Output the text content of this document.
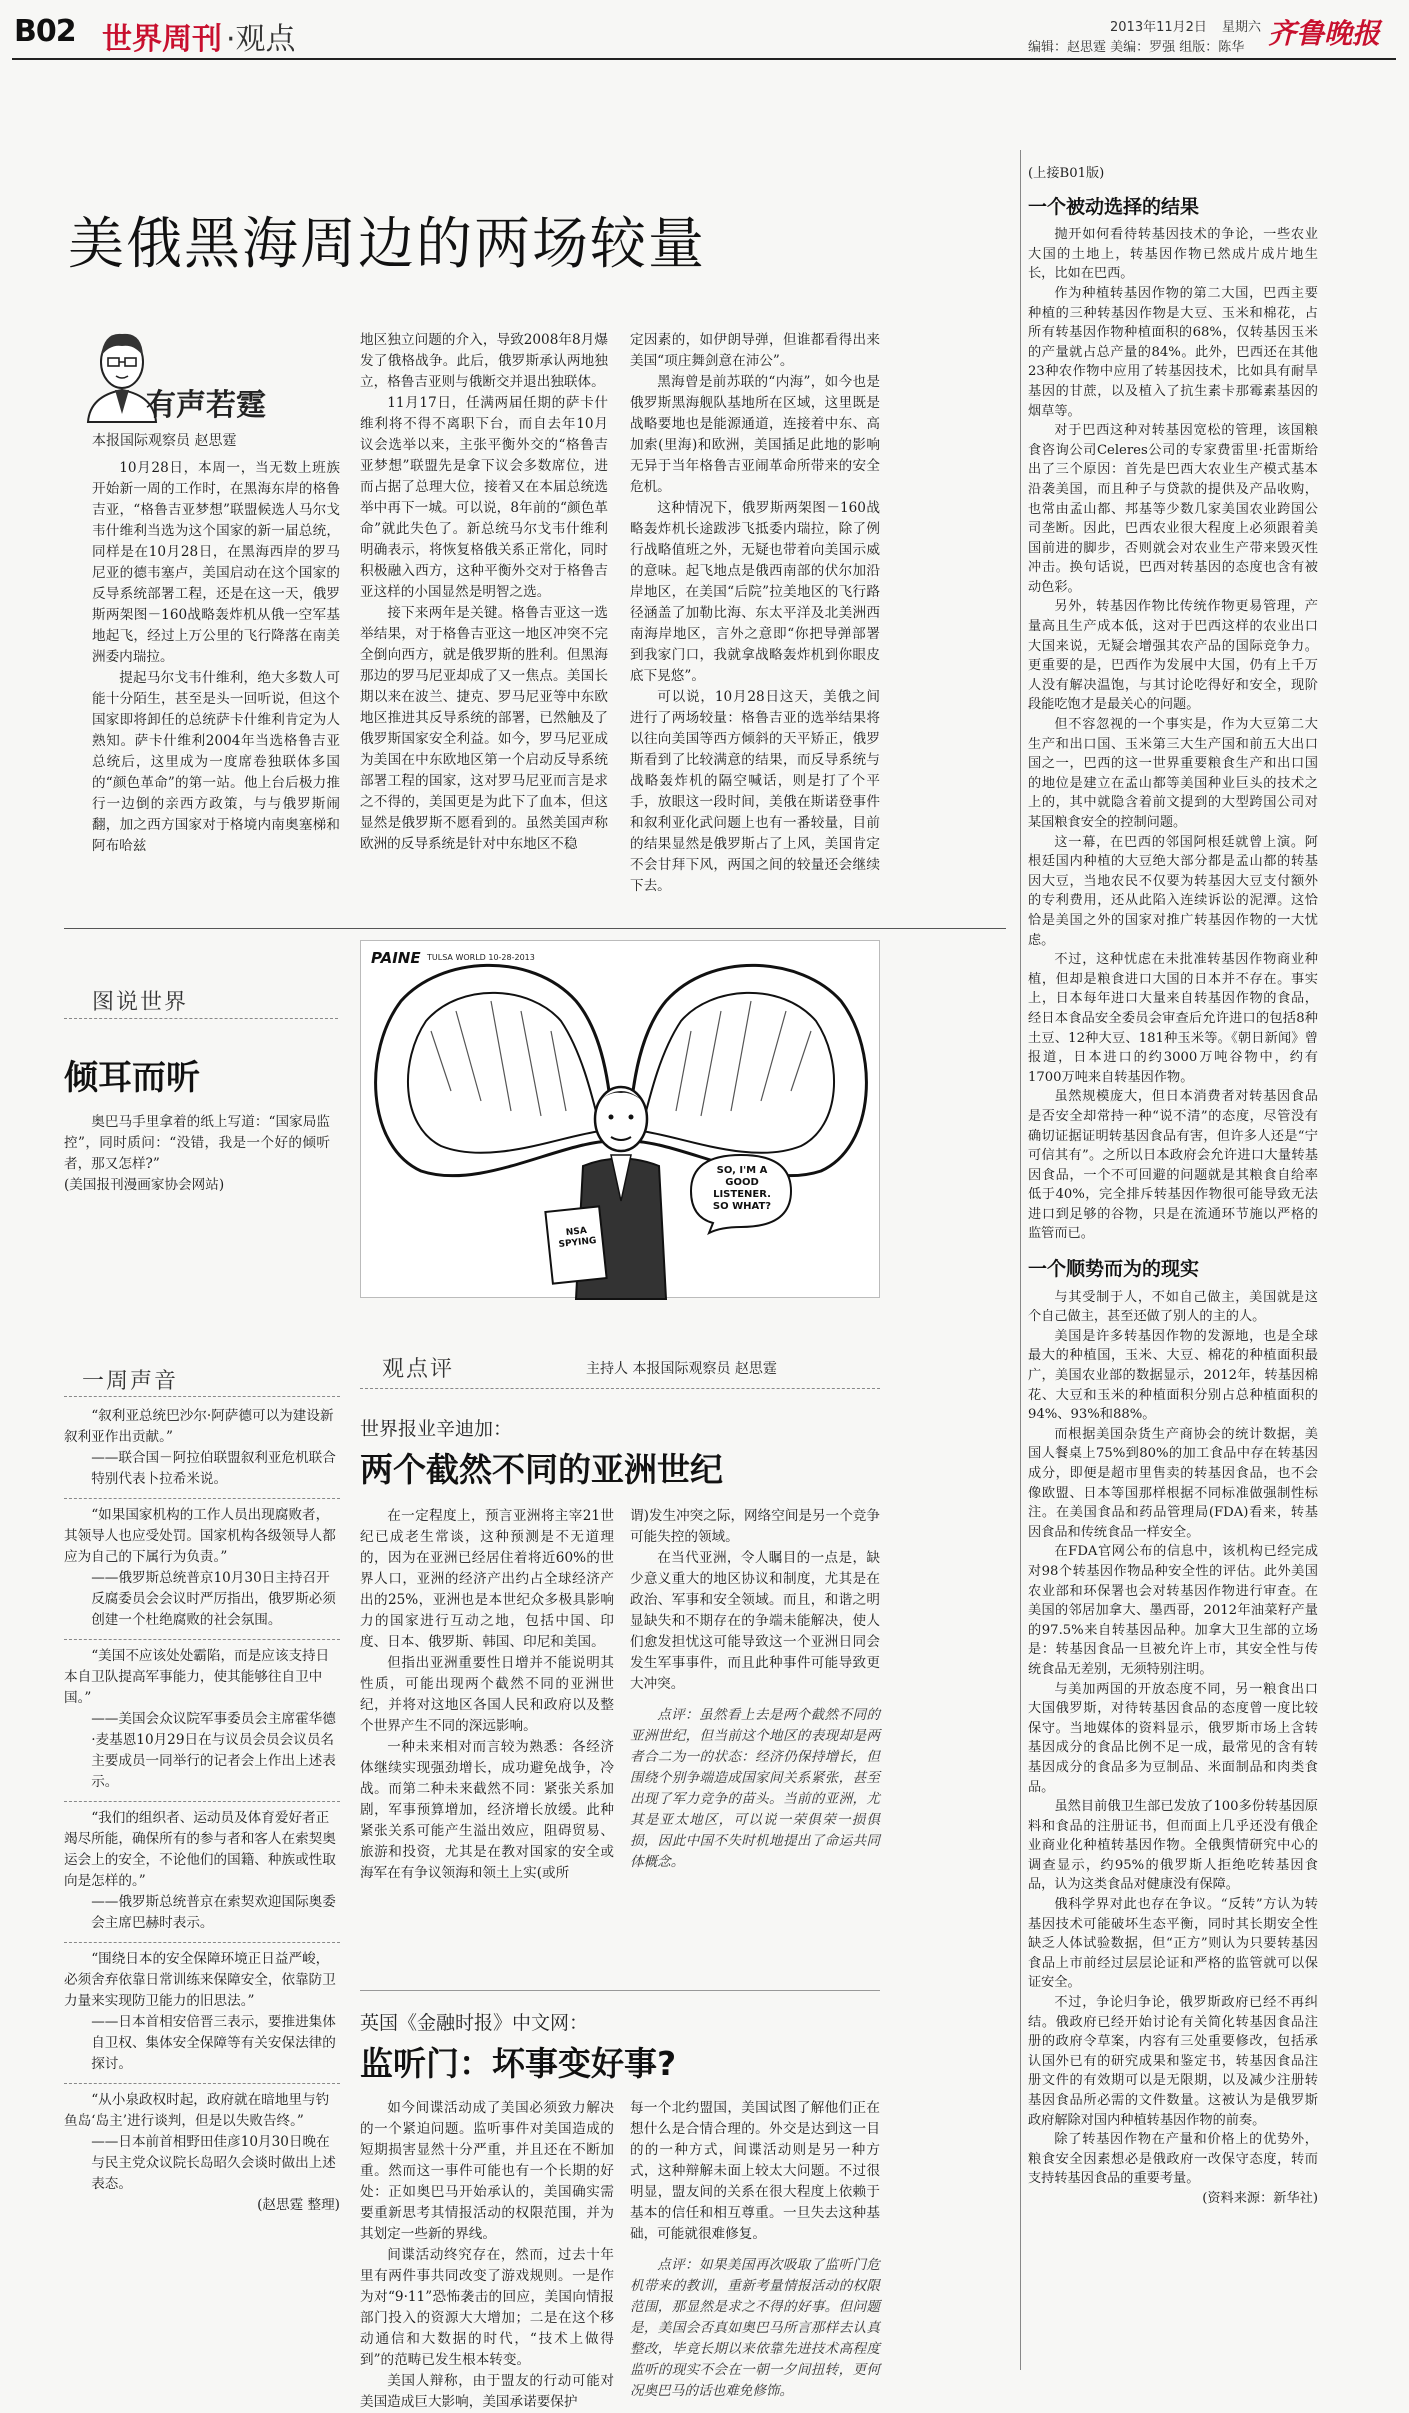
B02 世界周刊 ·观点	2013年11月2日 星期六
编辑：赵思霆 美编：罗强 组版：陈华 齐鲁晚报
美俄黑海周边的两场较量
有声若霆
本报国际观察员 赵思霆

10月28日，本周一，当无数上班族开始新一周的工作时，在黑海东岸的格鲁吉亚，“格鲁吉亚梦想”联盟候选人马尔戈韦什维利当选为这个国家的新一届总统，同样是在10月28日，在黑海西岸的罗马尼亚的德韦塞卢，美国启动在这个国家的反导系统部署工程，还是在这一天，俄罗斯两架图－160战略轰炸机从俄一空军基地起飞，经过上万公里的飞行降落在南美洲委内瑞拉。

提起马尔戈韦什维利，绝大多数人可能十分陌生，甚至是头一回听说，但这个国家即将卸任的总统萨卡什维利肯定为人熟知。萨卡什维利2004年当选格鲁吉亚总统后，这里成为一度席卷独联体多国的“颜色革命”的第一站。他上台后极力推行一边倒的亲西方政策，与与俄罗斯闹翻，加之西方国家对于格境内南奥塞梯和阿布哈兹

地区独立问题的介入，导致2008年8月爆发了俄格战争。此后，俄罗斯承认两地独立，格鲁吉亚则与俄断交并退出独联体。

11月17日，任满两届任期的萨卡什维利将不得不离职下台，而自去年10月议会选举以来，主张平衡外交的“格鲁吉亚梦想”联盟先是拿下议会多数席位，进而占据了总理大位，接着又在本届总统选举中再下一城。可以说，8年前的“颜色革命”就此失色了。新总统马尔戈韦什维利明确表示，将恢复格俄关系正常化，同时积极融入西方，这种平衡外交对于格鲁吉亚这样的小国显然是明智之选。

接下来两年是关键。格鲁吉亚这一选举结果，对于格鲁吉亚这一地区冲突不完全倒向西方，就是俄罗斯的胜利。但黑海那边的罗马尼亚却成了又一焦点。美国长期以来在波兰、捷克、罗马尼亚等中东欧地区推进其反导系统的部署，已然触及了俄罗斯国家安全利益。如今，罗马尼亚成为美国在中东欧地区第一个启动反导系统部署工程的国家，这对罗马尼亚而言是求之不得的，美国更是为此下了血本，但这显然是俄罗斯不愿看到的。虽然美国声称欧洲的反导系统是针对中东地区不稳

定因素的，如伊朗导弹，但谁都看得出来美国“项庄舞剑意在沛公”。

黑海曾是前苏联的“内海”，如今也是俄罗斯黑海舰队基地所在区域，这里既是战略要地也是能源通道，连接着中东、高加索(里海)和欧洲，美国插足此地的影响无异于当年格鲁吉亚闹革命所带来的安全危机。

这种情况下，俄罗斯两架图－160战略轰炸机长途跋涉飞抵委内瑞拉，除了例行战略值班之外，无疑也带着向美国示威的意味。起飞地点是俄西南部的伏尔加沿岸地区，在美国“后院”拉美地区的飞行路径涵盖了加勒比海、东太平洋及北美洲西南海岸地区，言外之意即“你把导弹部署到我家门口，我就拿战略轰炸机到你眼皮底下晃悠”。

可以说，10月28日这天，美俄之间进行了两场较量：格鲁吉亚的选举结果将以往向美国等西方倾斜的天平矫正，俄罗斯看到了比较满意的结果，而反导系统与战略轰炸机的隔空喊话，则是打了个平手，放眼这一段时间，美俄在斯诺登事件和叙利亚化武问题上也有一番较量，目前的结果显然是俄罗斯占了上风，美国肯定不会甘拜下风，两国之间的较量还会继续下去。

图说世界
倾耳而听

奥巴马手里拿着的纸上写道：“国家局监控”，同时质问：“没错，我是一个好的倾听者，那又怎样?”

(美国报刊漫画家协会网站)

PAINE TULSA WORLD 10-28-2013
SO, I'M A GOOD LISTENER. SO WHAT?
NSA SPYING
一周声音

“叙利亚总统巴沙尔·阿萨德可以为建设新叙利亚作出贡献。”

——联合国－阿拉伯联盟叙利亚危机联合特别代表卜拉希米说。

“如果国家机构的工作人员出现腐败者，其领导人也应受处罚。国家机构各级领导人都应为自己的下属行为负责。”

——俄罗斯总统普京10月30日主持召开反腐委员会会议时严厉指出，俄罗斯必须创建一个杜绝腐败的社会氛围。

“美国不应该处处霸陷，而是应该支持日本自卫队提高军事能力，使其能够往自卫中国。”

——美国会众议院军事委员会主席霍华德·麦基恩10月29日在与议员会员会议员名主要成员一同举行的记者会上作出上述表示。

“我们的组织者、运动员及体育爱好者正竭尽所能，确保所有的参与者和客人在索契奥运会上的安全，不论他们的国籍、种族或性取向是怎样的。”

——俄罗斯总统普京在索契欢迎国际奥委会主席巴赫时表示。

“围绕日本的安全保障环境正日益严峻，必须舍弃依靠日常训练来保障安全，依靠防卫力量来实现防卫能力的旧思法。”

——日本首相安倍晋三表示，要推进集体自卫权、集体安全保障等有关安保法律的探讨。

“从小泉政权时起，政府就在暗地里与钓鱼岛‘岛主’进行谈判，但是以失败告终。”

——日本前首相野田佳彦10月30日晚在与民主党众议院长岛昭久会谈时做出上述表态。

(赵思霆 整理)
观点评	主持人 本报国际观察员 赵思霆
世界报业辛迪加：
两个截然不同的亚洲世纪

在一定程度上，预言亚洲将主宰21世纪已成老生常谈，这种预测是不无道理的，因为在亚洲已经居住着将近60%的世界人口，亚洲的经济产出约占全球经济产出的25%，亚洲也是本世纪众多极具影响力的国家进行互动之地，包括中国、印度、日本、俄罗斯、韩国、印尼和美国。

但指出亚洲重要性日增并不能说明其性质，可能出现两个截然不同的亚洲世纪，并将对这地区各国人民和政府以及整个世界产生不同的深远影响。

一种未来相对而言较为熟悉：各经济体继续实现强劲增长，成功避免战争，冷战。而第二种未来截然不同：紧张关系加剧，军事预算增加，经济增长放缓。此种紧张关系可能产生溢出效应，阻碍贸易、旅游和投资，尤其是在教对国家的安全或海军在有争议领海和领土上实(或所

谓)发生冲突之际，网络空间是另一个竞争可能失控的领域。

在当代亚洲，令人瞩目的一点是，缺少意义重大的地区协议和制度，尤其是在政治、军事和安全领域。而且，和谐之明显缺失和不期存在的争端未能解决，使人们愈发担忧这可能导致这一个亚洲日同会发生军事事件，而且此种事件可能导致更大冲突。

点评：虽然看上去是两个截然不同的亚洲世纪，但当前这个地区的表现却是两者合二为一的状态：经济仍保持增长，但围绕个别争端造成国家间关系紧张，甚至出现了军力竞争的苗头。当前的亚洲，尤其是亚太地区，可以说一荣俱荣一损俱损，因此中国不失时机地提出了命运共同体概念。

英国《金融时报》中文网：
监听门：坏事变好事?

如今间谍活动成了美国必须致力解决的一个紧迫问题。监听事件对美国造成的短期损害显然十分严重，并且还在不断加重。然而这一事件可能也有一个长期的好处：正如奥巴马开始承认的，美国确实需要重新思考其情报活动的权限范围，并为其划定一些新的界线。

间谍活动终究存在，然而，过去十年里有两件事共同改变了游戏规则。一是作为对“9·11”恐怖袭击的回应，美国向情报部门投入的资源大大增加；二是在这个移动通信和大数据的时代，“技术上做得到”的范畴已发生根本转变。

美国人辩称，由于盟友的行动可能对美国造成巨大影响，美国承诺要保护

每一个北约盟国，美国试图了解他们正在想什么是合情合理的。外交是达到这一目的的一种方式，间谍活动则是另一种方式，这种辩解未面上较太大问题。不过很明显，盟友间的关系在很大程度上依赖于基本的信任和相互尊重。一旦失去这种基础，可能就很难修复。

点评：如果美国再次吸取了监听门危机带来的教训，重新考量情报活动的权限范围，那显然是求之不得的好事。但问题是，美国会否真如奥巴马所言那样去认真整改，毕竟长期以来依靠先进技术高程度监听的现实不会在一朝一夕间扭转，更何况奥巴马的话也难免修饰。

(上接B01版)

一个被动选择的结果

抛开如何看待转基因技术的争论，一些农业大国的土地上，转基因作物已然成片成片地生长，比如在巴西。

作为种植转基因作物的第二大国，巴西主要种植的三种转基因作物是大豆、玉米和棉花，占所有转基因作物种植面积的68%，仅转基因玉米的产量就占总产量的84%。此外，巴西还在其他23种农作物中应用了转基因技术，比如具有耐旱基因的甘蔗，以及植入了抗生素卡那霉素基因的烟草等。

对于巴西这种对转基因宽松的管理，该国粮食咨询公司Celeres公司的专家费雷里·托雷斯给出了三个原因：首先是巴西大农业生产模式基本沿袭美国，而且种子与贷款的提供及产品收购，也常由孟山都、邦基等少数几家美国农业跨国公司垄断。因此，巴西农业很大程度上必须跟着美国前进的脚步，否则就会对农业生产带来毁灭性冲击。换句话说，巴西对转基因的态度也含有被动色彩。

另外，转基因作物比传统作物更易管理，产量高且生产成本低，这对于巴西这样的农业出口大国来说，无疑会增强其农产品的国际竞争力。更重要的是，巴西作为发展中大国，仍有上千万人没有解决温饱，与其讨论吃得好和安全，现阶段能吃饱才是最关心的问题。

但不容忽视的一个事实是，作为大豆第二大生产和出口国、玉米第三大生产国和前五大出口国之一，巴西的这一世界重要粮食生产和出口国的地位是建立在孟山都等美国种业巨头的技术之上的，其中就隐含着前文提到的大型跨国公司对某国粮食安全的控制问题。

这一幕，在巴西的邻国阿根廷就曾上演。阿根廷国内种植的大豆绝大部分都是孟山都的转基因大豆，当地农民不仅要为转基因大豆支付额外的专利费用，还从此陷入连续诉讼的泥潭。这恰恰是美国之外的国家对推广转基因作物的一大忧虑。

不过，这种忧虑在未批准转基因作物商业种植，但却是粮食进口大国的日本并不存在。事实上，日本每年进口大量来自转基因作物的食品，经日本食品安全委员会审查后允许进口的包括8种土豆、12种大豆、181种玉米等。《朝日新闻》曾报道，日本进口的约3000万吨谷物中，约有1700万吨来自转基因作物。

虽然规模庞大，但日本消费者对转基因食品是否安全却常持一种“说不清”的态度，尽管没有确切证据证明转基因食品有害，但许多人还是“宁可信其有”。之所以日本政府会允许进口大量转基因食品，一个不可回避的问题就是其粮食自给率低于40%，完全排斥转基因作物很可能导致无法进口到足够的谷物，只是在流通环节施以严格的监管而已。

一个顺势而为的现实

与其受制于人，不如自己做主，美国就是这个自己做主，甚至还做了别人的主的人。

美国是许多转基因作物的发源地，也是全球最大的种植国，玉米、大豆、棉花的种植面积最广，美国农业部的数据显示，2012年，转基因棉花、大豆和玉米的种植面积分别占总种植面积的94%、93%和88%。

而根据美国杂货生产商协会的统计数据，美国人餐桌上75%到80%的加工食品中存在转基因成分，即便是超市里售卖的转基因食品，也不会像欧盟、日本等国那样根据不同标准做强制性标注。在美国食品和药品管理局(FDA)看来，转基因食品和传统食品一样安全。

在FDA官网公布的信息中，该机构已经完成对98个转基因作物品种安全性的评估。此外美国农业部和环保署也会对转基因作物进行审查。在美国的邻居加拿大、墨西哥，2012年油菜籽产量的97.5%来自转基因品种。加拿大卫生部的立场是：转基因食品一旦被允许上市，其安全性与传统食品无差别，无须特别注明。

与美加两国的开放态度不同，另一粮食出口大国俄罗斯，对待转基因食品的态度曾一度比较保守。当地媒体的资料显示，俄罗斯市场上含转基因成分的食品比例不足一成，最常见的含有转基因成分的食品多为豆制品、米面制品和肉类食品。

虽然目前俄卫生部已发放了100多份转基因原料和食品的注册证书，但而面上几乎还没有俄企业商业化种植转基因作物。全俄舆情研究中心的调查显示，约95%的俄罗斯人拒绝吃转基因食品，认为这类食品对健康没有保障。

俄科学界对此也存在争议。“反转”方认为转基因技术可能破坏生态平衡，同时其长期安全性缺乏人体试验数据，但“正方”则认为只要转基因食品上市前经过层层论证和严格的监管就可以保证安全。

不过，争论归争论，俄罗斯政府已经不再纠结。俄政府已经开始讨论有关简化转基因食品注册的政府令草案，内容有三处重要修改，包括承认国外已有的研究成果和鉴定书，转基因食品注册文件的有效期可以是无限期，以及减少注册转基因食品所必需的文件数量。这被认为是俄罗斯政府解除对国内种植转基因作物的前奏。

除了转基因作物在产量和价格上的优势外，粮食安全因素想必是俄政府一改保守态度，转而支持转基因食品的重要考量。

(资料来源：新华社)
